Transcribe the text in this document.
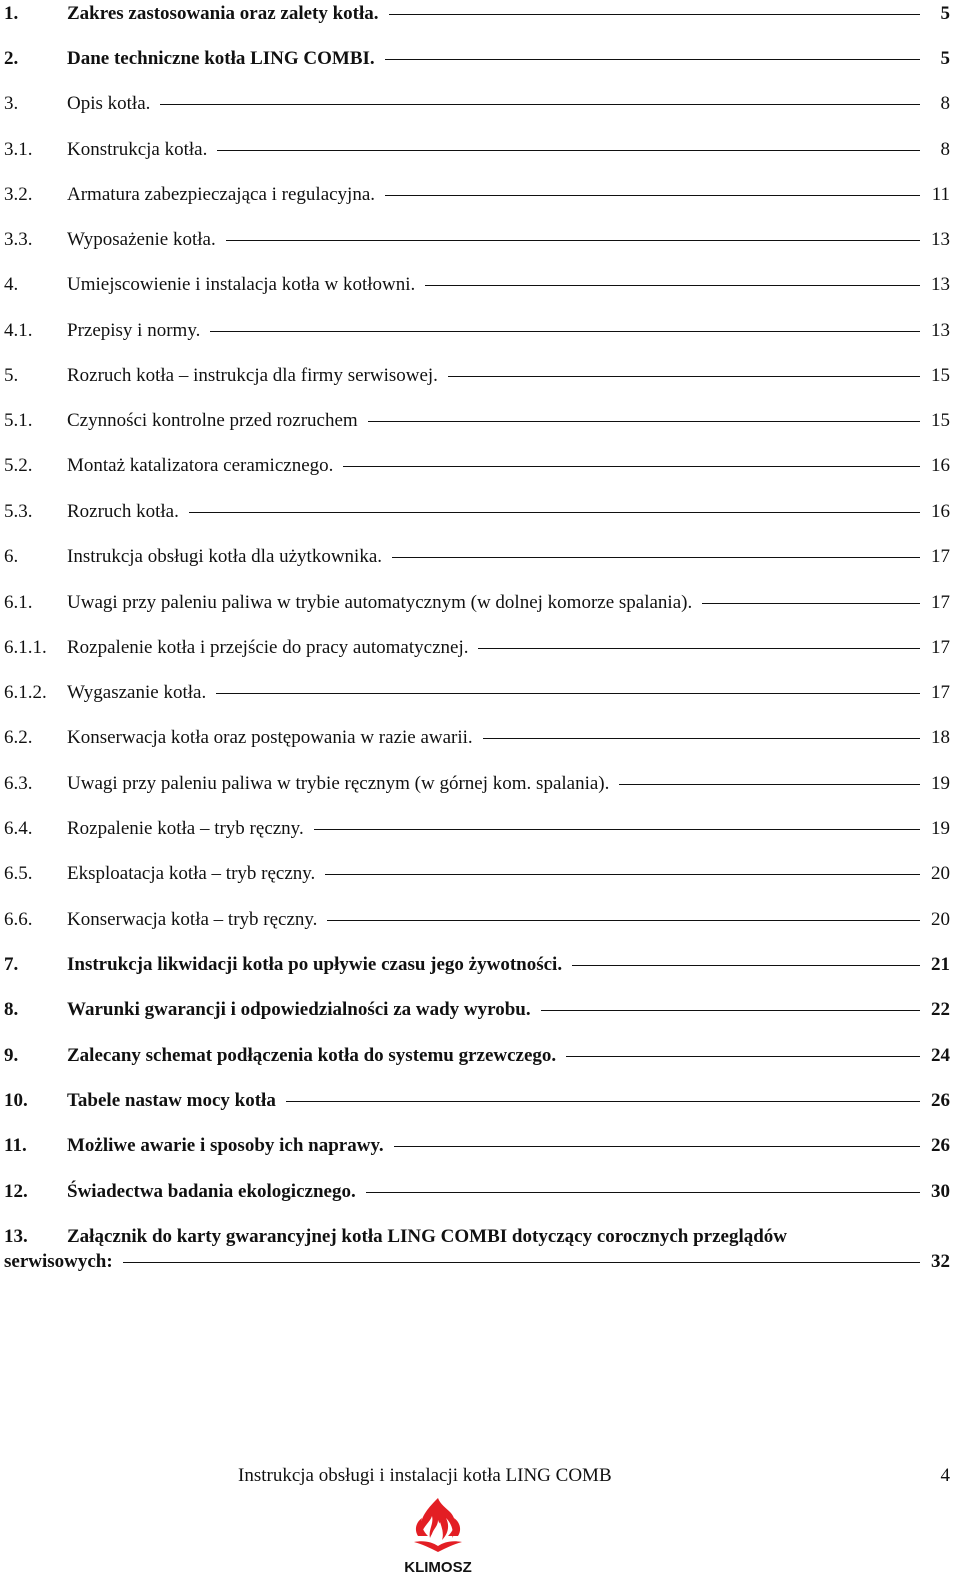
1.	Zakres zastosowania oraz zalety kotła.	5
2.	Dane techniczne kotła LING COMBI.	5
3.	Opis kotła.	8
3.1. Konstrukcja kotła.	8
3.2. Armatura zabezpieczająca i regulacyjna.	11
3.3. Wyposażenie kotła.	13
4.	Umiejscowienie i instalacja kotła w kotłowni.	13
4.1. Przepisy i normy.	13
5.	Rozruch kotła – instrukcja dla firmy serwisowej.	15
5.1. Czynności kontrolne przed rozruchem	15
5.2. Montaż katalizatora ceramicznego.	16
5.3. Rozruch kotła.	16
6.	Instrukcja obsługi kotła dla użytkownika.	17
6.1. Uwagi przy paleniu paliwa w trybie automatycznym (w dolnej komorze spalania).	17
6.1.1. Rozpalenie kotła i przejście do pracy automatycznej.	17
6.1.2. Wygaszanie kotła.	17
6.2. Konserwacja kotła oraz postępowania w razie awarii.	18
6.3. Uwagi przy paleniu paliwa w trybie ręcznym (w górnej kom. spalania).	19
6.4. Rozpalenie kotła – tryb ręczny.	19
6.5. Eksploatacja kotła – tryb ręczny.	20
6.6. Konserwacja kotła – tryb ręczny.	20
7.	Instrukcja likwidacji kotła po upływie czasu jego żywotności.	21
8.	Warunki gwarancji i odpowiedzialności za wady wyrobu.	22
9.	Zalecany schemat podłączenia kotła do systemu grzewczego.	24
10. Tabele nastaw mocy kotła	26
11. Możliwe awarie i sposoby ich naprawy.	26
12. Świadectwa badania ekologicznego.	30
13. Załącznik do karty gwarancyjnej kotła LING COMBI dotyczący corocznych przeglądów
serwisowych:	32
Instrukcja obsługi i instalacji kotła LING COMB	4
KLIMOSZ
